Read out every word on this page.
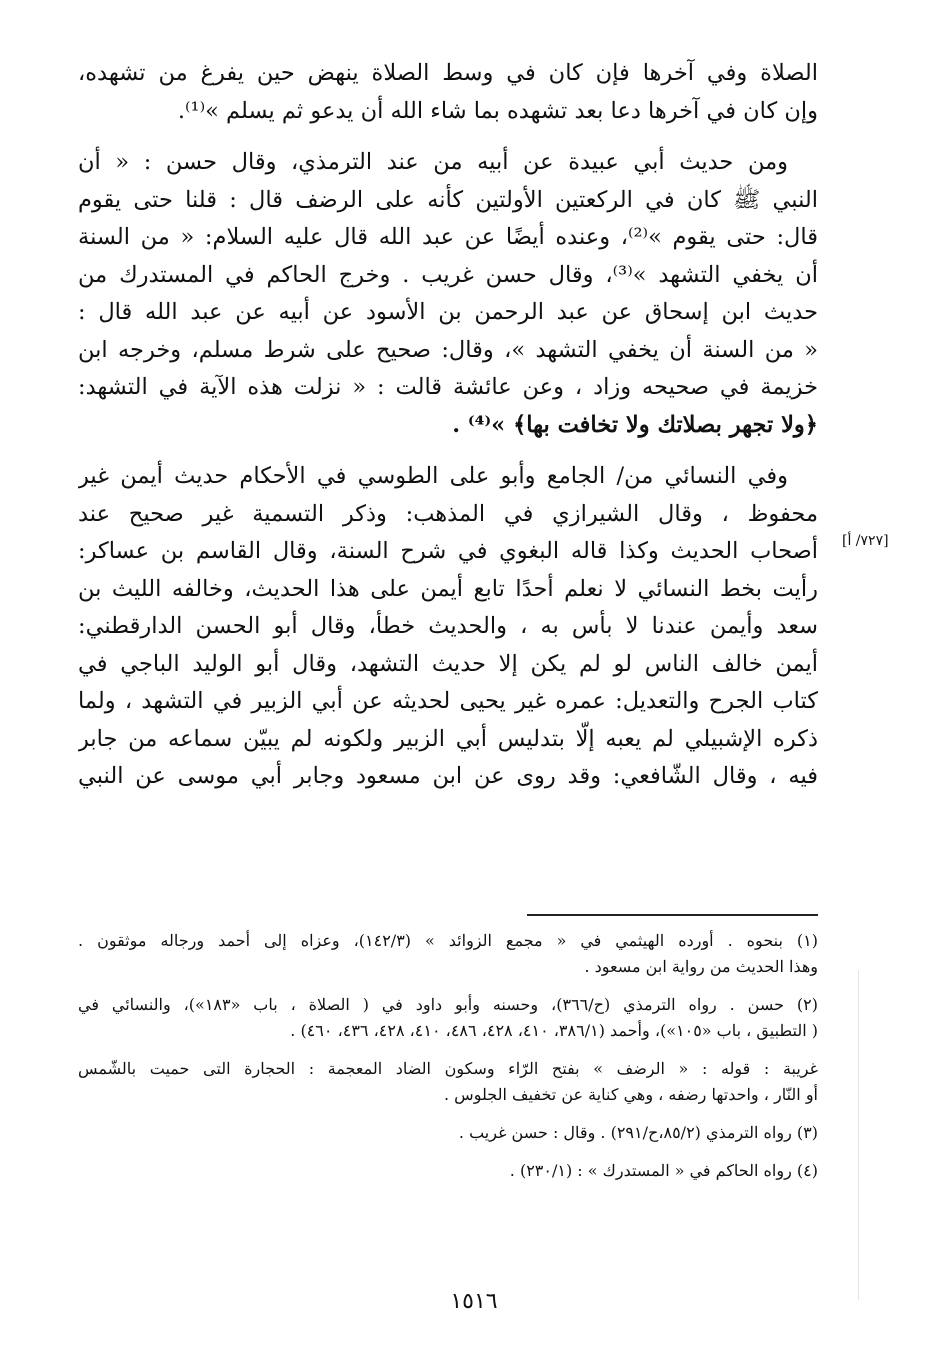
الصلاة وفي آخرها فإن كان في وسط الصلاة ينهض حين يفرغ من تشهده،
وإن كان في آخرها دعا بعد تشهده بما شاء الله أن يدعو ثم يسلم »⁽¹⁾.
ومن حديث أبي عبيدة عن أبيه من عند الترمذي، وقال حسن : « أن
النبي ﷺ كان في الركعتين الأولتين كأنه على الرضف قال : قلنا حتى يقوم
قال: حتى يقوم »⁽²⁾، وعنده أيضًا عن عبد الله قال عليه السلام: « من السنة
أن يخفي التشهد »⁽³⁾، وقال حسن غريب . وخرج الحاكم في المستدرك من
حديث ابن إسحاق عن عبد الرحمن بن الأسود عن أبيه عن عبد الله قال :
« من السنة أن يخفي التشهد »، وقال: صحيح على شرط مسلم، وخرجه ابن
خزيمة في صحيحه وزاد ، وعن عائشة قالت : « نزلت هذه الآية في التشهد:
﴿ولا تجهر بصلاتك ولا تخافت بها﴾ »⁽⁴⁾ .
وفي النسائي من/ الجامع وأبو على الطوسي في الأحكام حديث أيمن غير
محفوظ ، وقال الشيرازي في المذهب: وذكر التسمية غير صحيح عند
أصحاب الحديث وكذا قاله البغوي في شرح السنة، وقال القاسم بن عساكر:
رأيت بخط النسائي لا نعلم أحدًا تابع أيمن على هذا الحديث، وخالفه الليث بن
سعد وأيمن عندنا لا بأس به ، والحديث خطأ، وقال أبو الحسن الدارقطني:
أيمن خالف الناس لو لم يكن إلا حديث التشهد، وقال أبو الوليد الباجي في
كتاب الجرح والتعديل: عمره غير يحيى لحديثه عن أبي الزبير في التشهد ، ولما
ذكره الإشبيلي لم يعبه إلّا بتدليس أبي الزبير ولكونه لم يبيّن سماعه من جابر
فيه ، وقال الشّافعي: وقد روى عن ابن مسعود وجابر أبي موسى عن النبي
[٧٢٧/ أ]
(١) بنحوه . أورده الهيثمي في « مجمع الزوائد » (١٤٢/٣)، وعزاه إلى أحمد ورجاله موثقون .
وهذا الحديث من رواية ابن مسعود .
(٢) حسن . رواه الترمذي (ح/٣٦٦)، وحسنه وأبو داود في ( الصلاة ، باب «١٨٣»)، والنسائي في
( التطبيق ، باب «١٠٥»)، وأحمد (٣٨٦/١، ٤١٠، ٤٢٨، ٤٨٦، ٤١٠، ٤٢٨، ٤٣٦، ٤٦٠) .
غريبة : قوله : « الرضف » بفتح الرّاء وسكون الضاد المعجمة : الحجارة التى حميت بالشّمس
أو النّار ، واحدتها رضفه ، وهي كناية عن تخفيف الجلوس .
(٣) رواه الترمذي (٨٥/٢،ح/٢٩١) . وقال : حسن غريب .
(٤) رواه الحاكم في « المستدرك » : (٢٣٠/١) .
١٥١٦
